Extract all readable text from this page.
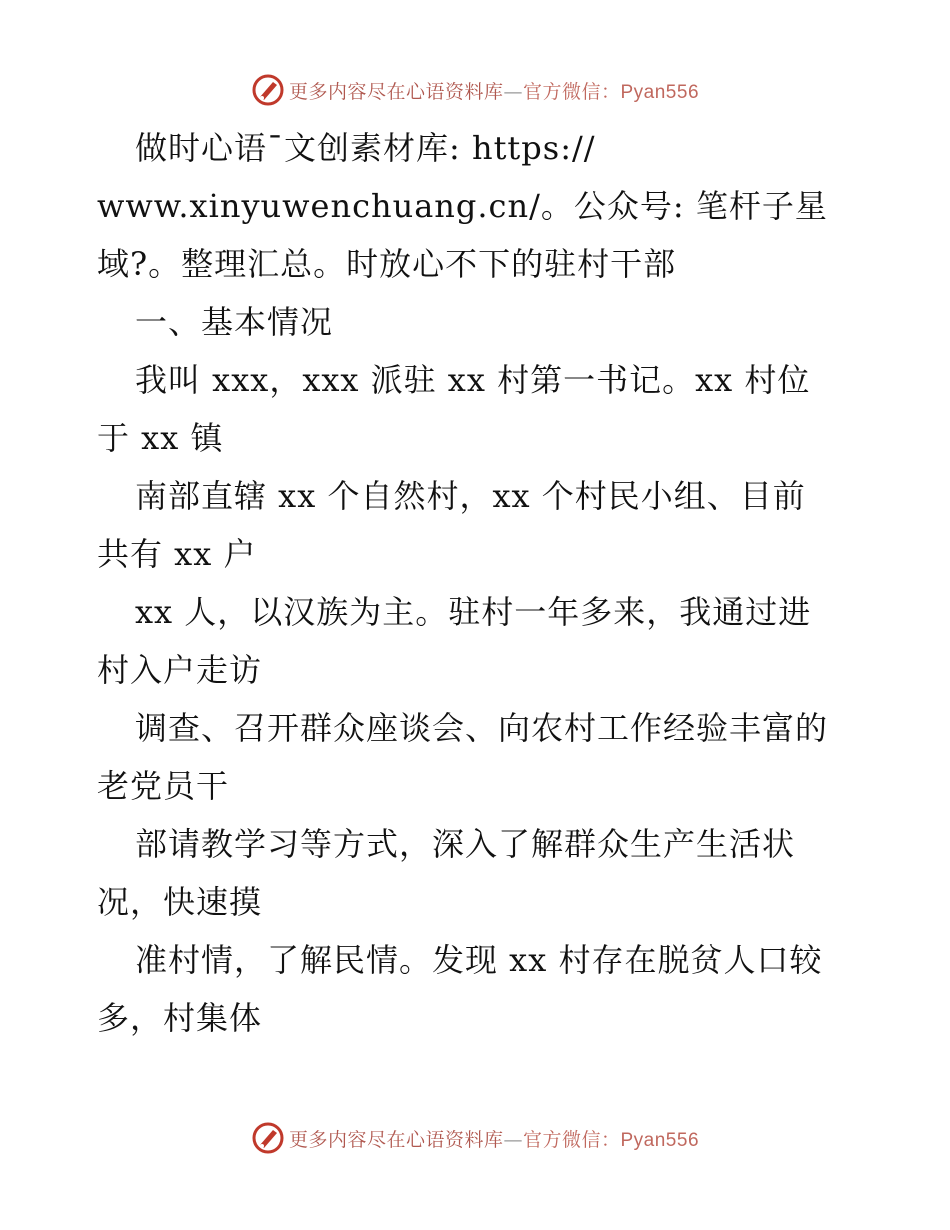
更多内容尽在心语资料库—官方微信：Pyan556
做时心语¯文创素材库: https://
www.xinyuwenchuang.cn/。公众号: 笔杆子星
域?。整理汇总。时放心不下的驻村干部
一、基本情况
我叫 xxx，xxx 派驻 xx 村第一书记。xx 村位
于 xx 镇
南部直辖 xx 个自然村，xx 个村民小组、目前
共有 xx 户
xx 人，以汉族为主。驻村一年多来，我通过进
村入户走访
调查、召开群众座谈会、向农村工作经验丰富的
老党员干
部请教学习等方式，深入了解群众生产生活状
况，快速摸
准村情，了解民情。发现 xx 村存在脱贫人口较
多，村集体
更多内容尽在心语资料库—官方微信：Pyan556
